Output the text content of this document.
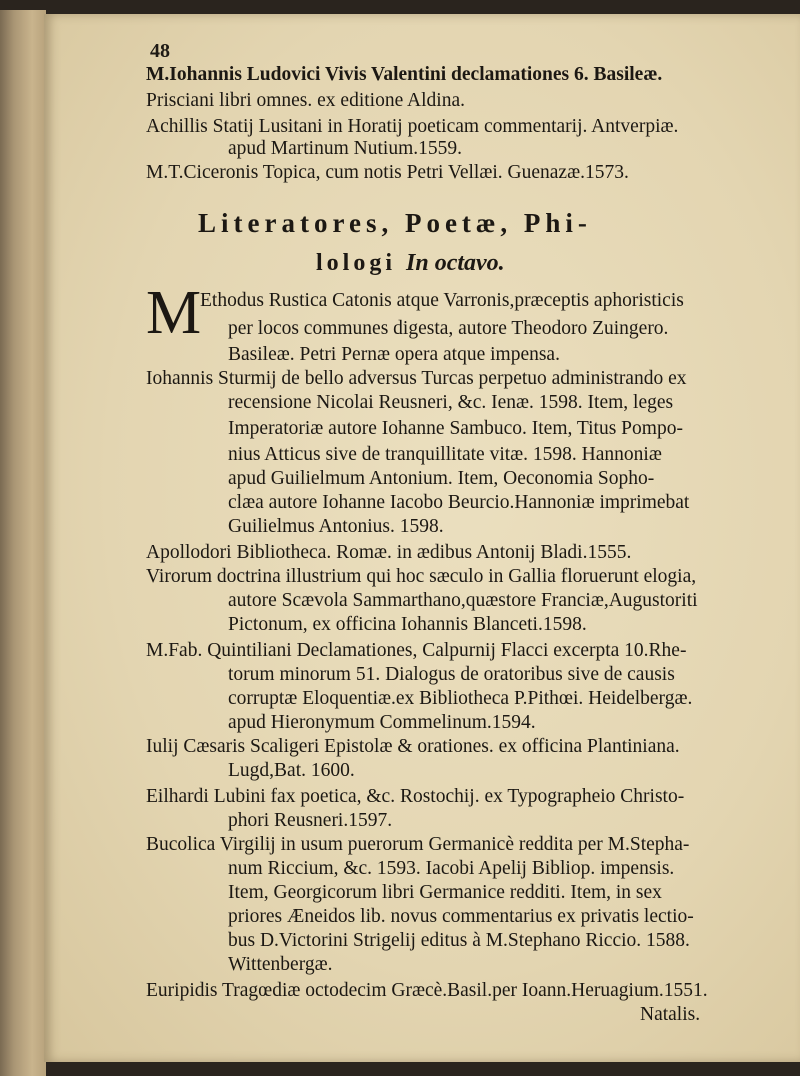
48
M.Iohannis Ludovici Vivis Valentini declamationes 6. Basileæ.
Prisciani libri omnes. ex editione Aldina.
Achillis Statij Lusitani in Horatij poeticam commentarij. Antverpiæ.
apud Martinum Nutium.1559.
M.T.Ciceronis Topica, cum notis Petri Vellæi. Guenazæ.1573.
Literatores, Poetæ, Phi-
lologi In octavo.
M
Ethodus Rustica Catonis atque Varronis,præceptis aphoristicis
per locos communes digesta, autore Theodoro Zuingero.
Basileæ. Petri Pernæ opera atque impensa.
Iohannis Sturmij de bello adversus Turcas perpetuo administrando ex
recensione Nicolai Reusneri, &c. Ienæ. 1598. Item, leges
Imperatoriæ autore Iohanne Sambuco. Item, Titus Pompo-
nius Atticus sive de tranquillitate vitæ. 1598. Hannoniæ
apud Guilielmum Antonium. Item, Oeconomia Sopho-
clæa autore Iohanne Iacobo Beurcio.Hannoniæ imprimebat
Guilielmus Antonius. 1598.
Apollodori Bibliotheca. Romæ. in ædibus Antonij Bladi.1555.
Virorum doctrina illustrium qui hoc sæculo in Gallia floruerunt elogia,
autore Scævola Sammarthano,quæstore Franciæ,Augustoriti
Pictonum, ex officina Iohannis Blanceti.1598.
M.Fab. Quintiliani Declamationes, Calpurnij Flacci excerpta 10.Rhe-
torum minorum 51. Dialogus de oratoribus sive de causis
corruptæ Eloquentiæ.ex Bibliotheca P.Pithœi. Heidelbergæ.
apud Hieronymum Commelinum.1594.
Iulij Cæsaris Scaligeri Epistolæ & orationes. ex officina Plantiniana.
Lugd,Bat. 1600.
Eilhardi Lubini fax poetica, &c. Rostochij. ex Typographeio Christo-
phori Reusneri.1597.
Bucolica Virgilij in usum puerorum Germanicè reddita per M.Stepha-
num Riccium, &c. 1593. Iacobi Apelij Bibliop. impensis.
Item, Georgicorum libri Germanice redditi. Item, in sex
priores Æneidos lib. novus commentarius ex privatis lectio-
bus D.Victorini Strigelij editus à M.Stephano Riccio. 1588.
Wittenbergæ.
Euripidis Tragœdiæ octodecim Græcè.Basil.per Ioann.Heruagium.1551.
Natalis.
